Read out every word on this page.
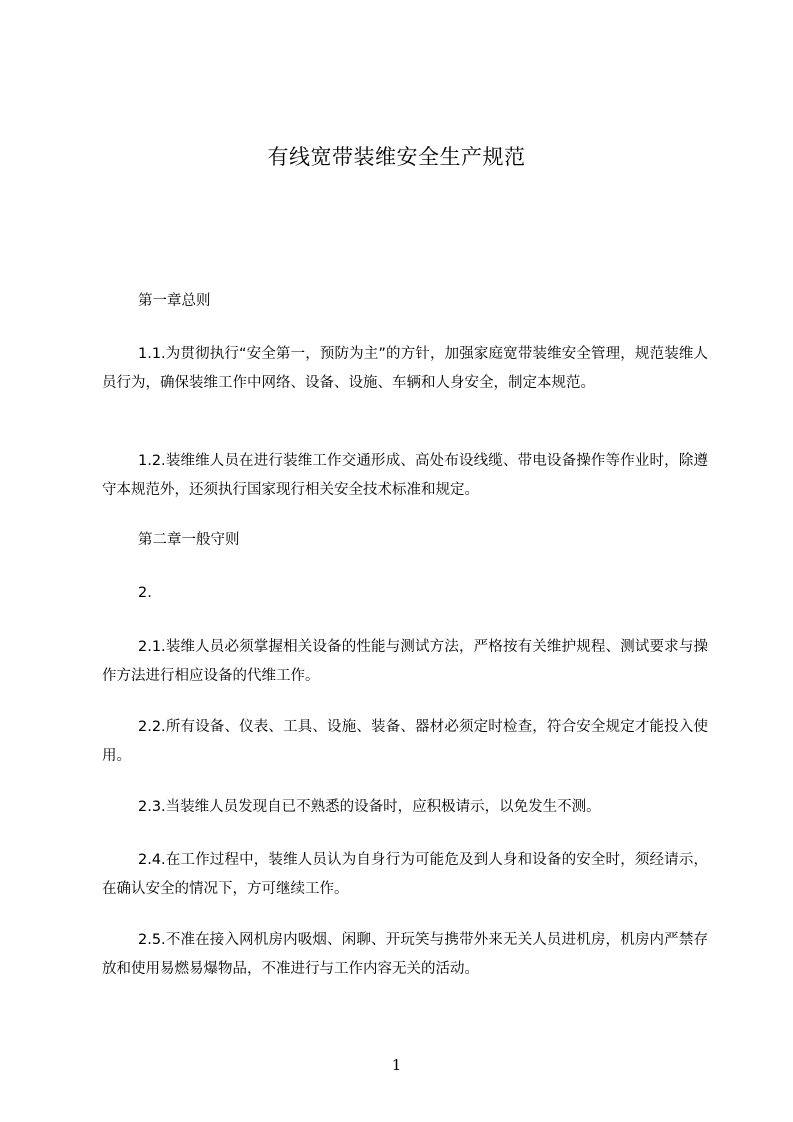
有线宽带装维安全生产规范
第一章总则
1.1.为贯彻执行“安全第一，预防为主”的方针，加强家庭宽带装维安全管理，规范装维人员行为，确保装维工作中网络、设备、设施、车辆和人身安全，制定本规范。
1.2.装维维人员在进行装维工作交通形成、高处布设线缆、带电设备操作等作业时，除遵守本规范外，还须执行国家现行相关安全技术标准和规定。
第二章一般守则
2.
2.1.装维人员必须掌握相关设备的性能与测试方法，严格按有关维护规程、测试要求与操作方法进行相应设备的代维工作。
2.2.所有设备、仪表、工具、设施、装备、器材必须定时检查，符合安全规定才能投入使用。
2.3.当装维人员发现自已不熟悉的设备时，应积极请示，以免发生不测。
2.4.在工作过程中，装维人员认为自身行为可能危及到人身和设备的安全时，须经请示，在确认安全的情况下，方可继续工作。
2.5.不准在接入网机房内吸烟、闲聊、开玩笑与携带外来无关人员进机房，机房内严禁存放和使用易燃易爆物品，不准进行与工作内容无关的活动。
1
